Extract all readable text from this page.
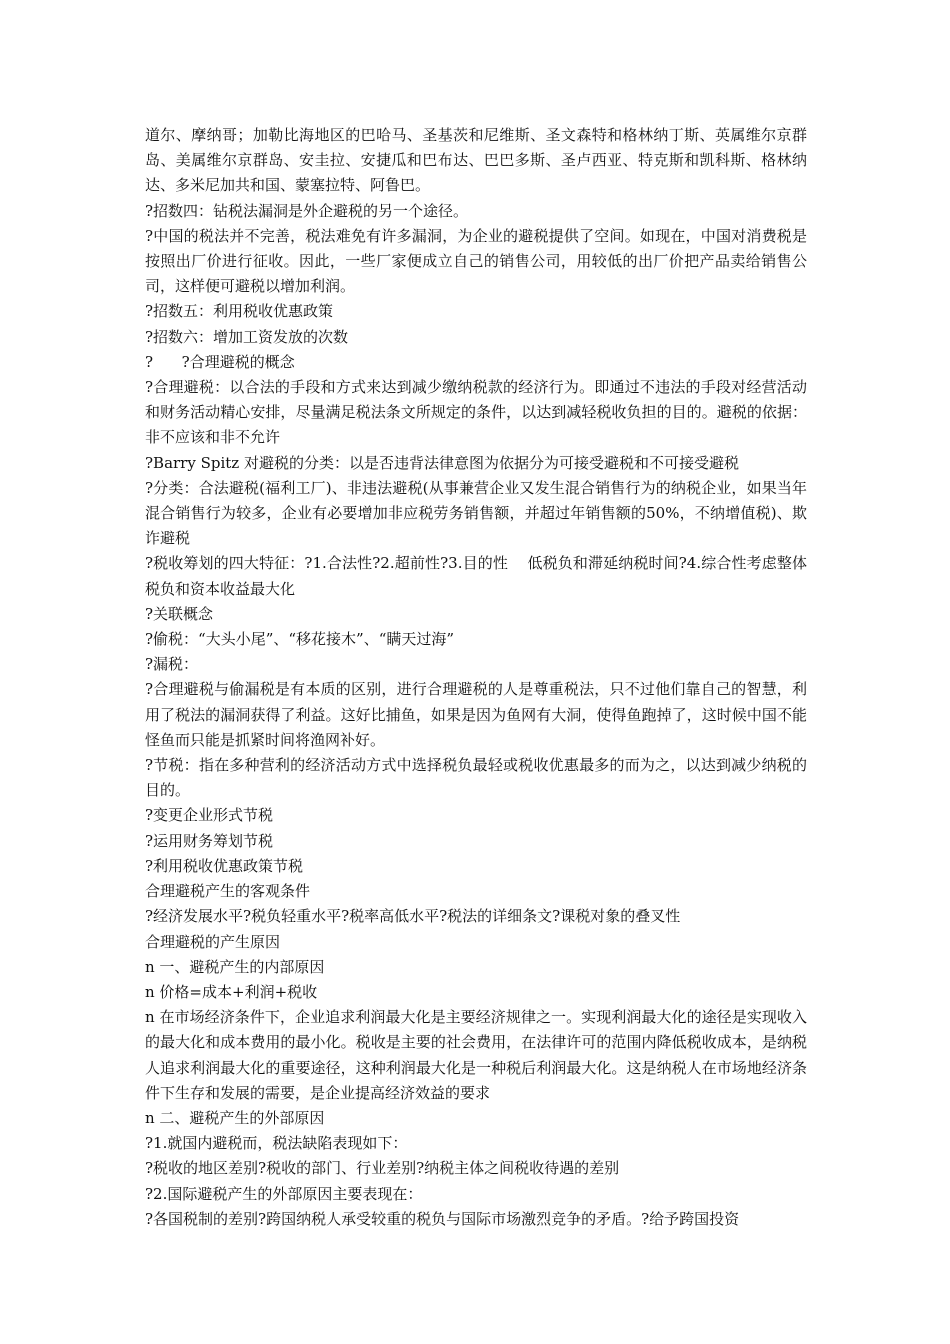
道尔、摩纳哥；加勒比海地区的巴哈马、圣基茨和尼维斯、圣文森特和格林纳丁斯、英属维尔京群岛、美属维尔京群岛、安圭拉、安捷瓜和巴布达、巴巴多斯、圣卢西亚、特克斯和凯科斯、格林纳达、多米尼加共和国、蒙塞拉特、阿鲁巴。

?招数四：钻税法漏洞是外企避税的另一个途径。

?中国的税法并不完善，税法难免有许多漏洞，为企业的避税提供了空间。如现在，中国对消费税是按照出厂价进行征收。因此，一些厂家便成立自己的销售公司，用较低的出厂价把产品卖给销售公司，这样便可避税以增加利润。

?招数五：利用税收优惠政策

?招数六：增加工资发放的次数

?      ?合理避税的概念

?合理避税：以合法的手段和方式来达到减少缴纳税款的经济行为。即通过不违法的手段对经营活动和财务活动精心安排，尽量满足税法条文所规定的条件，以达到减轻税收负担的目的。避税的依据：非不应该和非不允许

?Barry Spitz 对避税的分类：以是否违背法律意图为依据分为可接受避税和不可接受避税

?分类：合法避税(福利工厂)、非违法避税(从事兼营企业又发生混合销售行为的纳税企业，如果当年混合销售行为较多，企业有必要增加非应税劳务销售额，并超过年销售额的50%，不纳增值税)、欺诈避税

?税收筹划的四大特征：?1.合法性?2.超前性?3.目的性    低税负和滞延纳税时间?4.综合性考虑整体税负和资本收益最大化

?关联概念

?偷税：“大头小尾”、“移花接木”、“瞒天过海”

?漏税：

?合理避税与偷漏税是有本质的区别，进行合理避税的人是尊重税法，只不过他们靠自己的智慧，利用了税法的漏洞获得了利益。这好比捕鱼，如果是因为鱼网有大洞，使得鱼跑掉了，这时候中国不能怪鱼而只能是抓紧时间将渔网补好。

?节税：指在多种营利的经济活动方式中选择税负最轻或税收优惠最多的而为之，以达到减少纳税的目的。

?变更企业形式节税

?运用财务筹划节税

?利用税收优惠政策节税

合理避税产生的客观条件

?经济发展水平?税负轻重水平?税率高低水平?税法的详细条文?课税对象的叠叉性

合理避税的产生原因

n 一、避税产生的内部原因

n 价格=成本+利润+税收

n 在市场经济条件下，企业追求利润最大化是主要经济规律之一。实现利润最大化的途径是实现收入的最大化和成本费用的最小化。税收是主要的社会费用，在法律许可的范围内降低税收成本，是纳税人追求利润最大化的重要途径，这种利润最大化是一种税后利润最大化。这是纳税人在市场地经济条件下生存和发展的需要，是企业提高经济效益的要求

n 二、避税产生的外部原因

?1.就国内避税而，税法缺陷表现如下：

?税收的地区差别?税收的部门、行业差别?纳税主体之间税收待遇的差别

?2.国际避税产生的外部原因主要表现在：

?各国税制的差别?跨国纳税人承受较重的税负与国际市场激烈竞争的矛盾。?给予跨国投资
